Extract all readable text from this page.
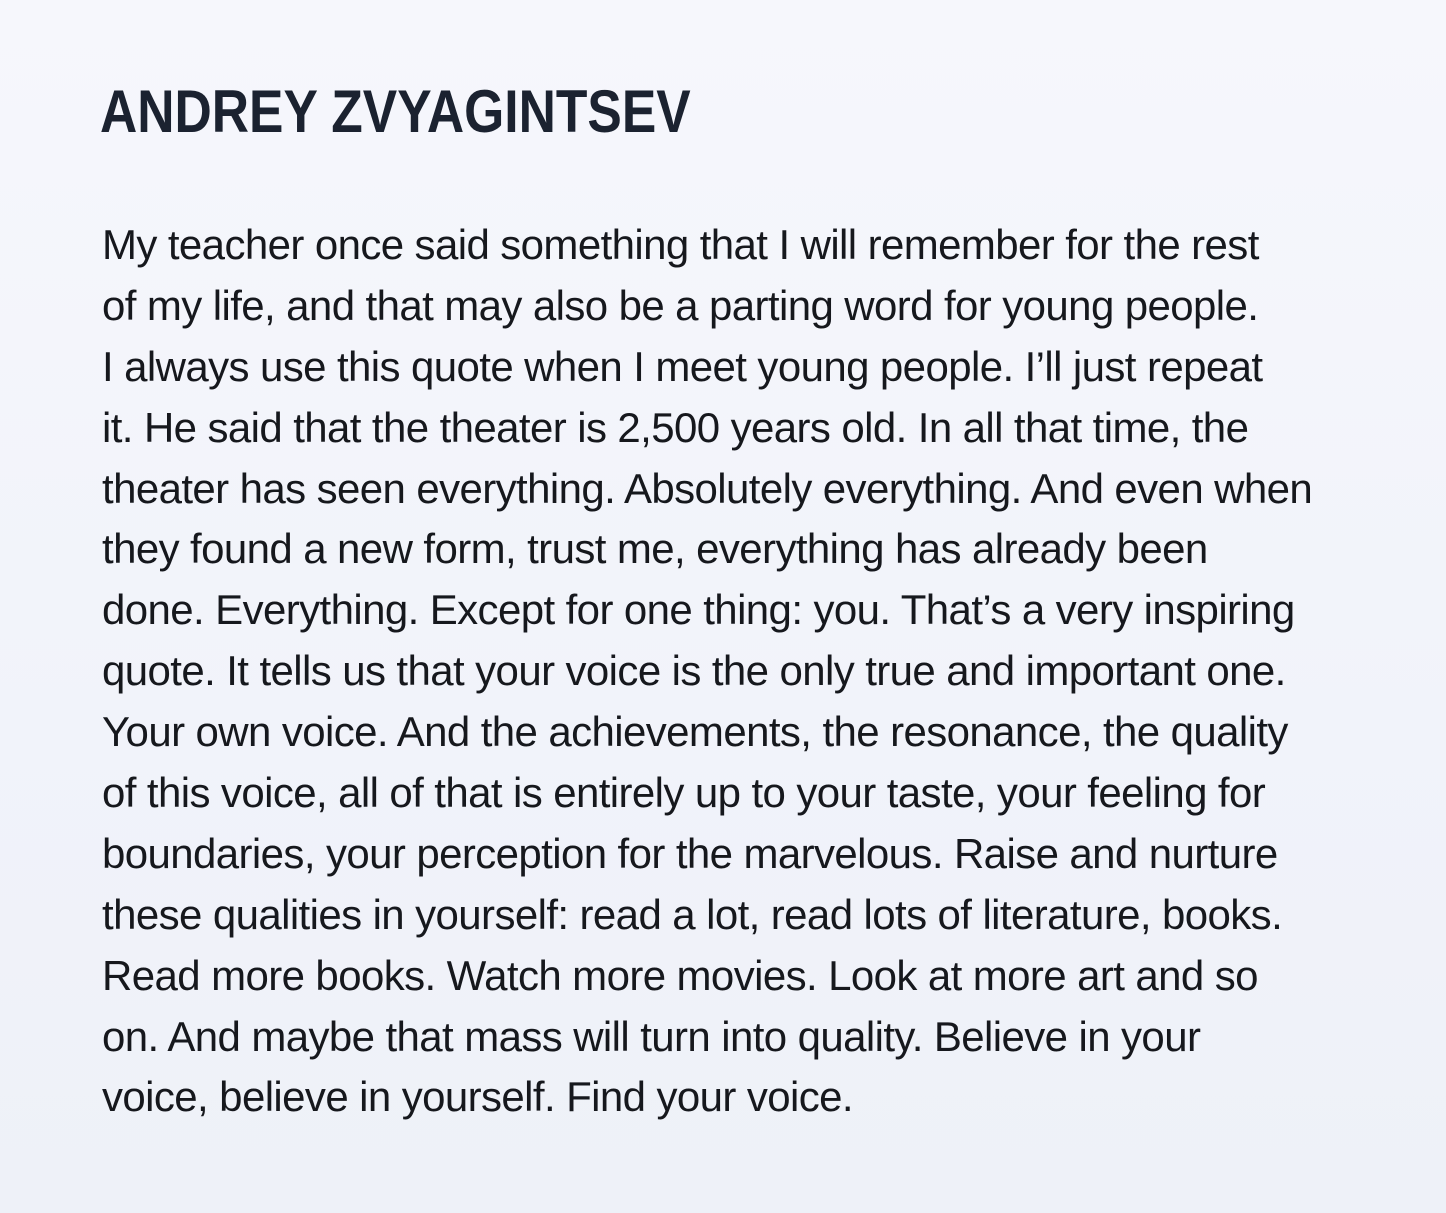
ANDREY ZVYAGINTSEV
My teacher once said something that I will remember for the rest
of my life, and that may also be a parting word for young people.
I always use this quote when I meet young people. I’ll just repeat
it. He said that the theater is 2,500 years old. In all that time, the
theater has seen everything. Absolutely everything. And even when
they found a new form, trust me, everything has already been
done. Everything. Except for one thing: you. That’s a very inspiring
quote. It tells us that your voice is the only true and important one.
Your own voice. And the achievements, the resonance, the quality
of this voice, all of that is entirely up to your taste, your feeling for
boundaries, your perception for the marvelous. Raise and nurture
these qualities in yourself: read a lot, read lots of literature, books.
Read more books. Watch more movies. Look at more art and so
on. And maybe that mass will turn into quality. Believe in your
voice, believe in yourself. Find your voice.
